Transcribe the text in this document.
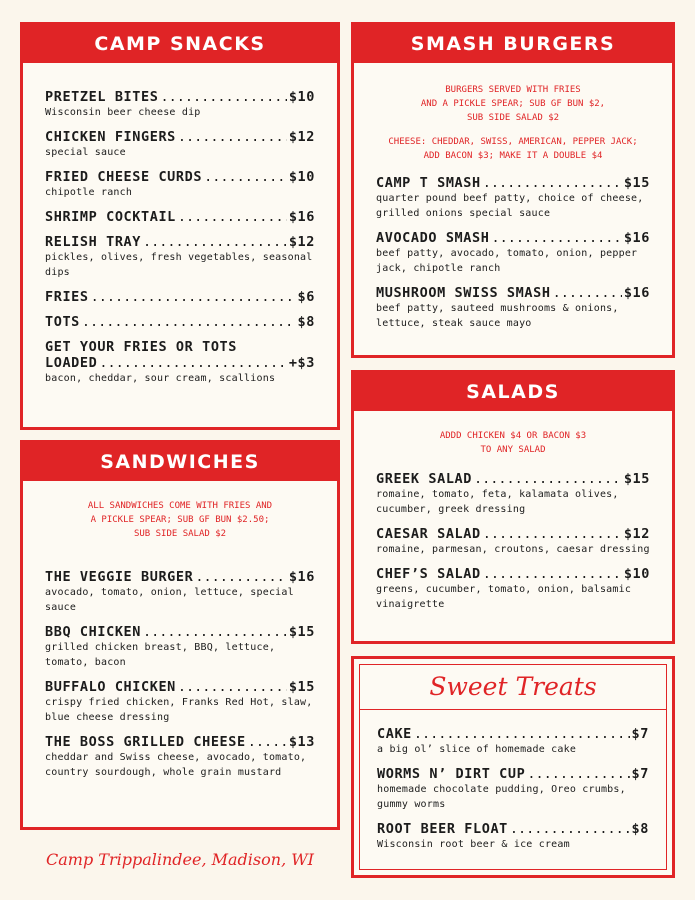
CAMP SNACKS
PRETZEL BITES .....	$10
Wisconsin beer cheese dip
CHICKEN FINGERS .....	$12
special sauce
FRIED CHEESE CURDS .....	$10
chipotle ranch
SHRIMP COCKTAIL .....	$16
RELISH TRAY .....	$12
pickles, olives, fresh vegetables, seasonal dips
FRIES .....	$6
TOTS .....	$8
GET YOUR FRIES OR TOTS
LOADED .....	+$3
bacon, cheddar, sour cream, scallions
SANDWICHES
ALL SANDWICHES COME WITH FRIES AND
A PICKLE SPEAR; SUB GF BUN $2.50;
SUB SIDE SALAD $2
THE VEGGIE BURGER .....	$16
avocado, tomato, onion, lettuce, special sauce
BBQ CHICKEN .....	$15
grilled chicken breast, BBQ, lettuce, tomato, bacon
BUFFALO CHICKEN .....	$15
crispy fried chicken, Franks Red Hot, slaw, blue cheese dressing
THE BOSS GRILLED CHEESE .....	$13
cheddar and Swiss cheese, avocado, tomato, country sourdough, whole grain mustard
SMASH BURGERS
BURGERS SERVED WITH FRIES
AND A PICKLE SPEAR; SUB GF BUN $2,
SUB SIDE SALAD $2
CHEESE: CHEDDAR, SWISS, AMERICAN, PEPPER JACK;
ADD BACON $3; MAKE IT A DOUBLE $4
CAMP T SMASH .....	$15
quarter pound beef patty, choice of cheese, grilled onions special sauce
AVOCADO SMASH .....	$16
beef patty, avocado, tomato, onion, pepper jack, chipotle ranch
MUSHROOM SWISS SMASH .....	$16
beef patty, sauteed mushrooms & onions, lettuce, steak sauce mayo
SALADS
ADDD CHICKEN $4 OR BACON $3
TO ANY SALAD
GREEK SALAD .....	$15
romaine, tomato, feta, kalamata olives, cucumber, greek dressing
CAESAR SALAD .....	$12
romaine, parmesan, croutons, caesar dressing
CHEF’S SALAD .....	$10
greens, cucumber, tomato, onion, balsamic vinaigrette
Sweet Treats
CAKE .....	$7
a big ol’ slice of homemade cake
WORMS N’ DIRT CUP .....	$7
homemade chocolate pudding, Oreo crumbs, gummy worms
ROOT BEER FLOAT .....	$8
Wisconsin root beer & ice cream
Camp Trippalindee, Madison, WI
